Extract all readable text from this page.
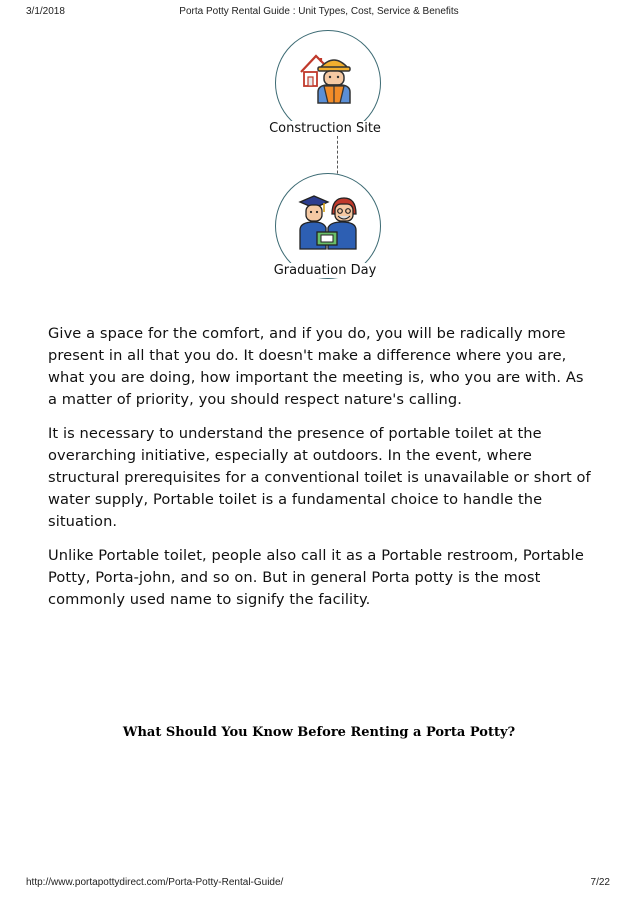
3/1/2018	Porta Potty Rental Guide : Unit Types, Cost, Service & Benefits
Construction Site
Graduation Day

Give a space for the comfort, and if you do, you will be radically more present in all that you do. It doesn't make a difference where you are, what you are doing, how important the meeting is, who you are with. As a matter of priority, you should respect nature's calling.

It is necessary to understand the presence of portable toilet at the overarching initiative, especially at outdoors. In the event, where structural prerequisites for a conventional toilet is unavailable or short of water supply, Portable toilet is a fundamental choice to handle the situation.

Unlike Portable toilet, people also call it as a Portable restroom, Portable Potty, Porta-john, and so on. But in general Porta potty is the most commonly used name to signify the facility.

What Should You Know Before Renting a Porta Potty?
http://www.portapottydirect.com/Porta-Potty-Rental-Guide/	7/22
